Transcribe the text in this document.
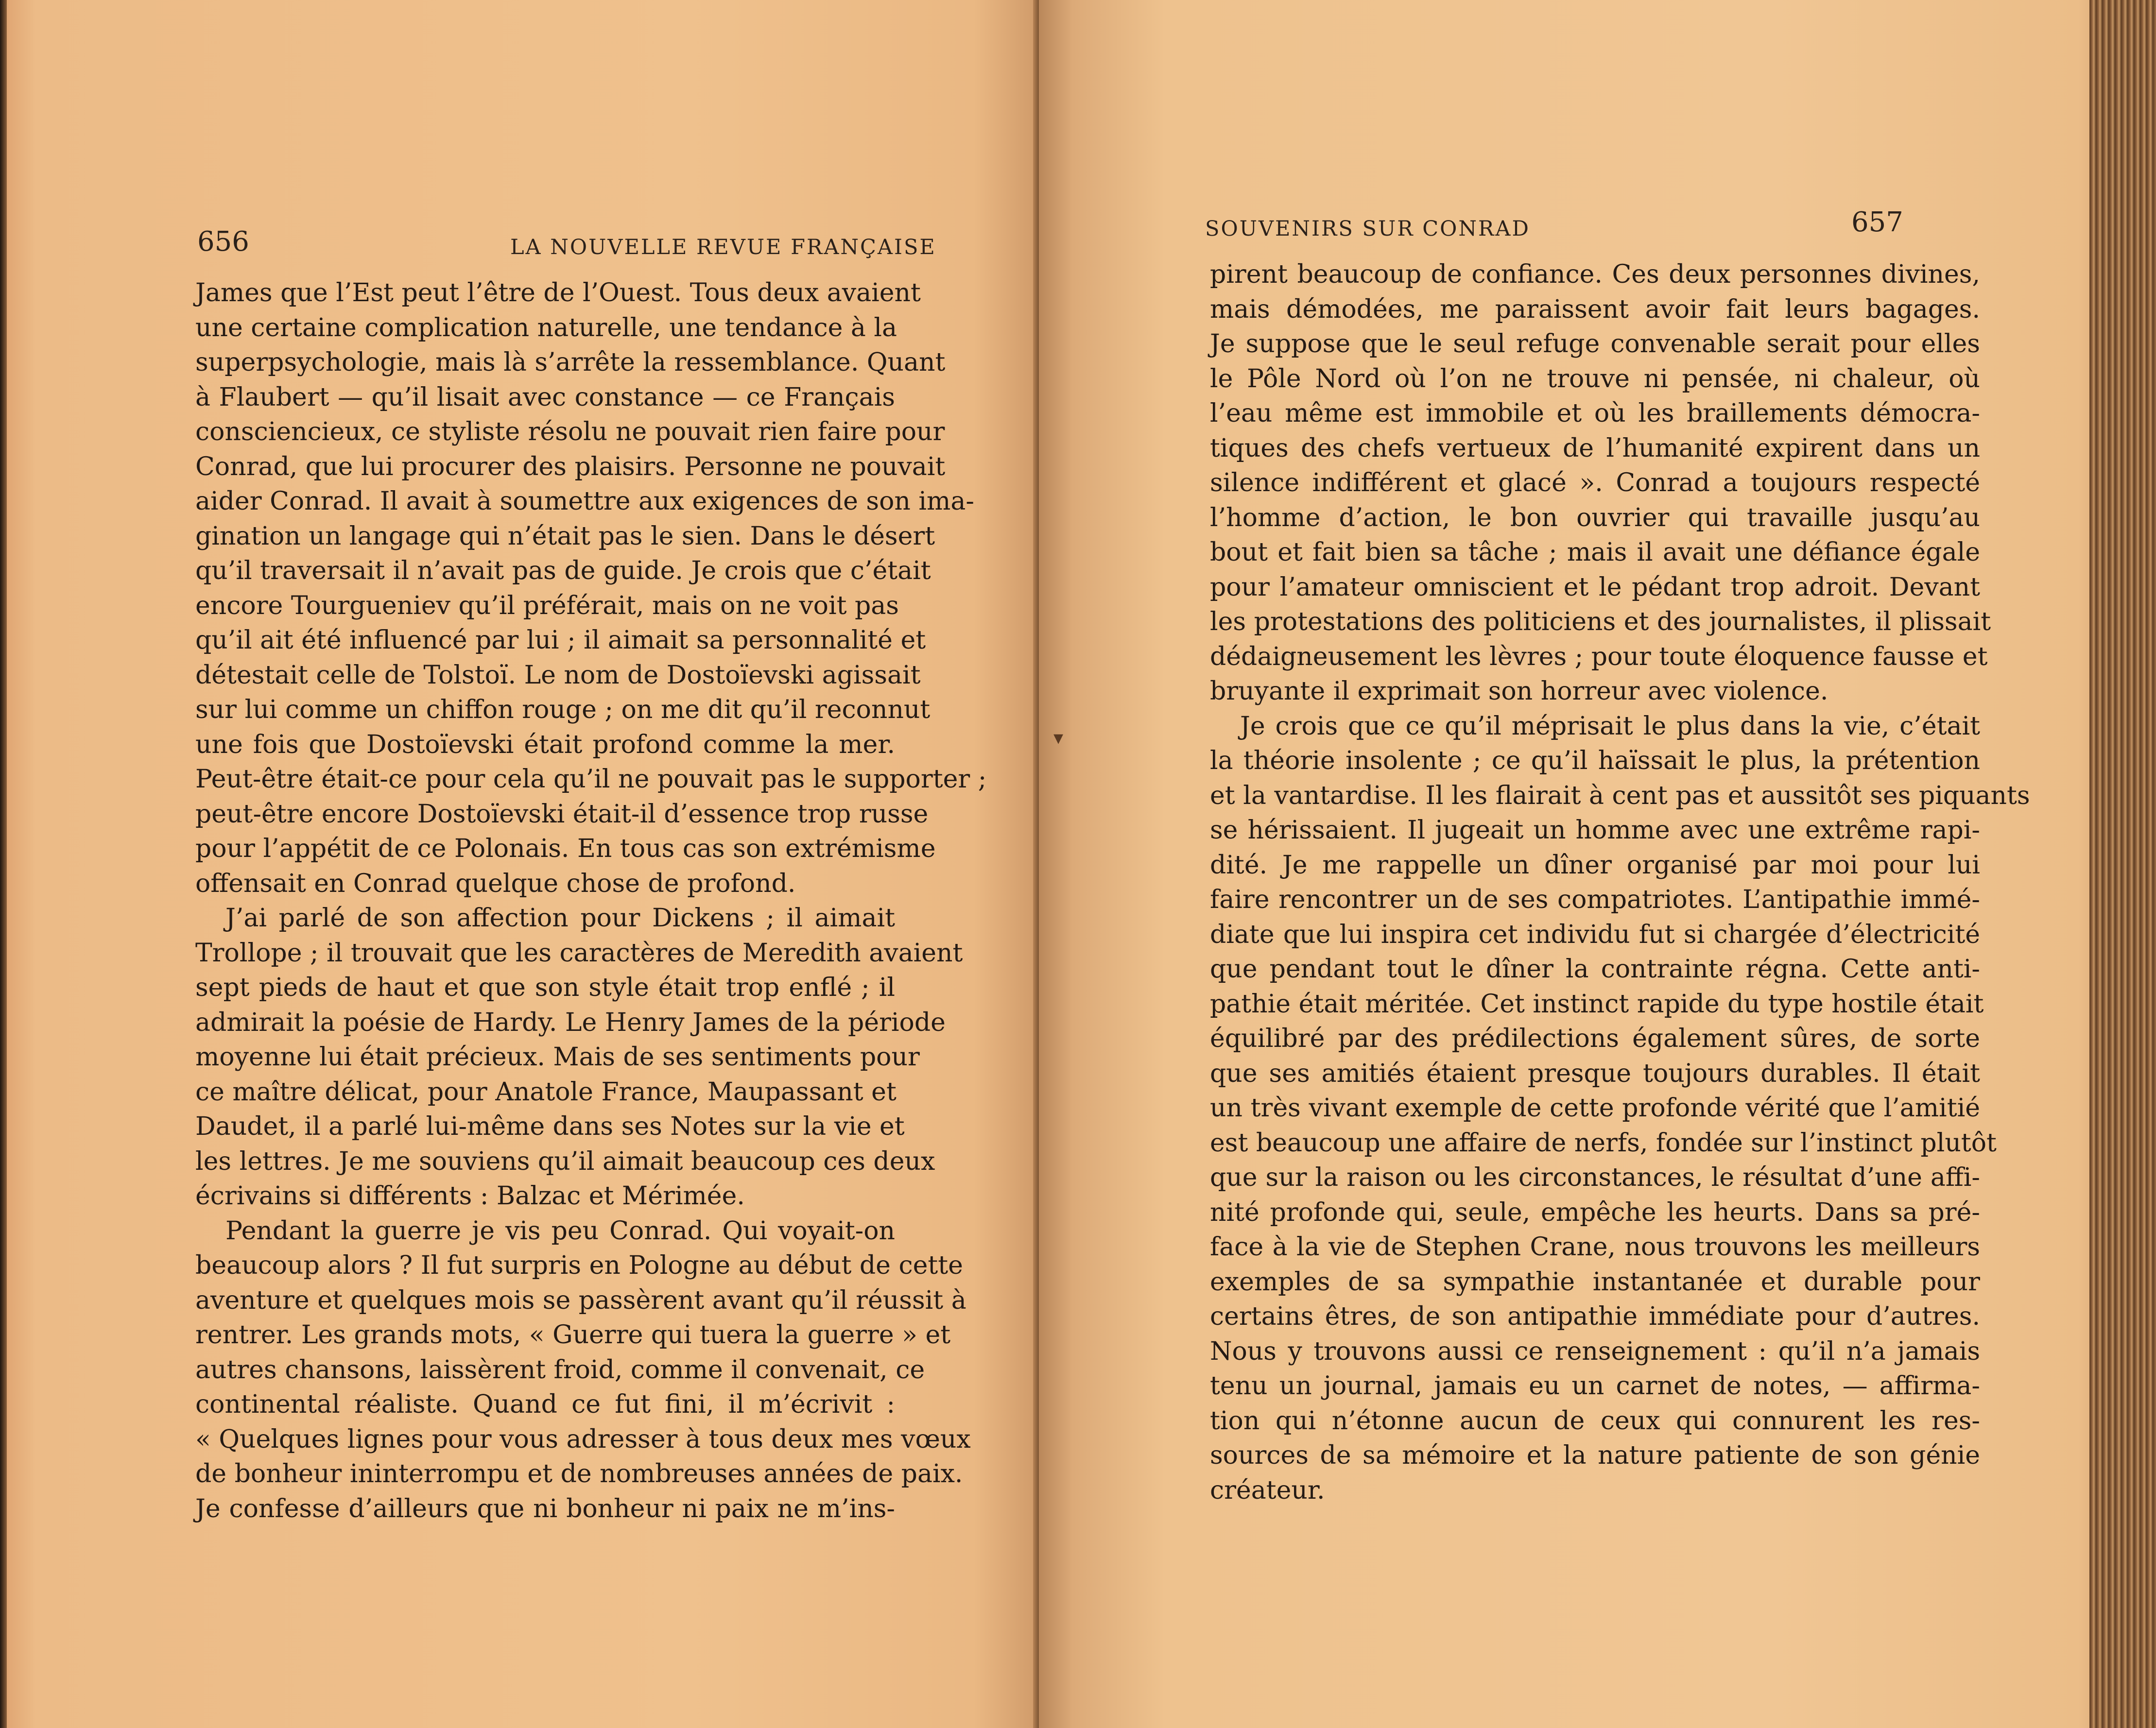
656	LA NOUVELLE REVUE FRANÇAISE
James que l’Est peut l’être de l’Ouest. Tous deux avaient
une certaine complication naturelle, une tendance à la
superpsychologie, mais là s’arrête la ressemblance. Quant
à Flaubert — qu’il lisait avec constance — ce Français
consciencieux, ce styliste résolu ne pouvait rien faire pour
Conrad, que lui procurer des plaisirs. Personne ne pouvait
aider Conrad. Il avait à soumettre aux exigences de son ima-
gination un langage qui n’était pas le sien. Dans le désert
qu’il traversait il n’avait pas de guide. Je crois que c’était
encore Tourgueniev qu’il préférait, mais on ne voit pas
qu’il ait été influencé par lui ; il aimait sa personnalité et
détestait celle de Tolstoï. Le nom de Dostoïevski agissait
sur lui comme un chiffon rouge ; on me dit qu’il reconnut
une fois que Dostoïevski était profond comme la mer.
Peut-être était-ce pour cela qu’il ne pouvait pas le supporter ;
peut-être encore Dostoïevski était-il d’essence trop russe
pour l’appétit de ce Polonais. En tous cas son extrémisme
offensait en Conrad quelque chose de profond.
J’ai parlé de son affection pour Dickens ; il aimait
Trollope ; il trouvait que les caractères de Meredith avaient
sept pieds de haut et que son style était trop enflé ; il
admirait la poésie de Hardy. Le Henry James de la période
moyenne lui était précieux. Mais de ses sentiments pour
ce maître délicat, pour Anatole France, Maupassant et
Daudet, il a parlé lui-même dans ses Notes sur la vie et
les lettres. Je me souviens qu’il aimait beaucoup ces deux
écrivains si différents : Balzac et Mérimée.
Pendant la guerre je vis peu Conrad. Qui voyait-on
beaucoup alors ? Il fut surpris en Pologne au début de cette
aventure et quelques mois se passèrent avant qu’il réussit à
rentrer. Les grands mots, « Guerre qui tuera la guerre » et
autres chansons, laissèrent froid, comme il convenait, ce
continental réaliste. Quand ce fut fini, il m’écrivit :
« Quelques lignes pour vous adresser à tous deux mes vœux
de bonheur ininterrompu et de nombreuses années de paix.
Je confesse d’ailleurs que ni bonheur ni paix ne m’ins-
SOUVENIRS SUR CONRAD	657
▾
pirent beaucoup de confiance. Ces deux personnes divines,
mais démodées, me paraissent avoir fait leurs bagages.
Je suppose que le seul refuge convenable serait pour elles
le Pôle Nord où l’on ne trouve ni pensée, ni chaleur, où
l’eau même est immobile et où les braillements démocra-
tiques des chefs vertueux de l’humanité expirent dans un
silence indifférent et glacé ». Conrad a toujours respecté
l’homme d’action, le bon ouvrier qui travaille jusqu’au
bout et fait bien sa tâche ; mais il avait une défiance égale
pour l’amateur omniscient et le pédant trop adroit. Devant
les protestations des politiciens et des journalistes, il plissait
dédaigneusement les lèvres ; pour toute éloquence fausse et
bruyante il exprimait son horreur avec violence.
Je crois que ce qu’il méprisait le plus dans la vie, c’était
la théorie insolente ; ce qu’il haïssait le plus, la prétention
et la vantardise. Il les flairait à cent pas et aussitôt ses piquants
se hérissaient. Il jugeait un homme avec une extrême rapi-
dité. Je me rappelle un dîner organisé par moi pour lui
faire rencontrer un de ses compatriotes. L’antipathie immé-
diate que lui inspira cet individu fut si chargée d’électricité
que pendant tout le dîner la contrainte régna. Cette anti-
pathie était méritée. Cet instinct rapide du type hostile était
équilibré par des prédilections également sûres, de sorte
que ses amitiés étaient presque toujours durables. Il était
un très vivant exemple de cette profonde vérité que l’amitié
est beaucoup une affaire de nerfs, fondée sur l’instinct plutôt
que sur la raison ou les circonstances, le résultat d’une affi-
nité profonde qui, seule, empêche les heurts. Dans sa pré-
face à la vie de Stephen Crane, nous trouvons les meilleurs
exemples de sa sympathie instantanée et durable pour
certains êtres, de son antipathie immédiate pour d’autres.
Nous y trouvons aussi ce renseignement : qu’il n’a jamais
tenu un journal, jamais eu un carnet de notes, — affirma-
tion qui n’étonne aucun de ceux qui connurent les res-
sources de sa mémoire et la nature patiente de son génie
créateur.
